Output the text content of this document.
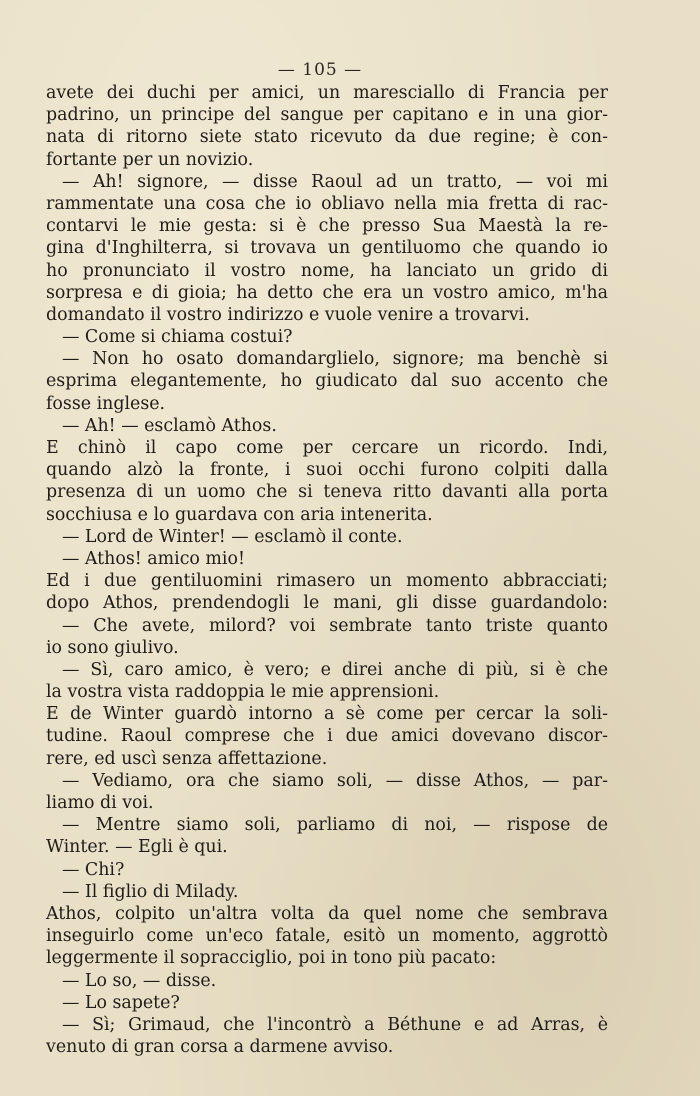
— 105 —
avete dei duchi per amici, un maresciallo di Francia per
padrino, un principe del sangue per capitano e in una gior-
nata di ritorno siete stato ricevuto da due regine; è con-
fortante per un novizio.
— Ah! signore, — disse Raoul ad un tratto, — voi mi
rammentate una cosa che io obliavo nella mia fretta di rac-
contarvi le mie gesta: si è che presso Sua Maestà la re-
gina d'Inghilterra, si trovava un gentiluomo che quando io
ho pronunciato il vostro nome, ha lanciato un grido di
sorpresa e di gioia; ha detto che era un vostro amico, m'ha
domandato il vostro indirizzo e vuole venire a trovarvi.
— Come si chiama costui?
— Non ho osato domandarglielo, signore; ma benchè si
esprima elegantemente, ho giudicato dal suo accento che
fosse inglese.
— Ah! — esclamò Athos.
E chinò il capo come per cercare un ricordo. Indi,
quando alzò la fronte, i suoi occhi furono colpiti dalla
presenza di un uomo che si teneva ritto davanti alla porta
socchiusa e lo guardava con aria intenerita.
— Lord de Winter! — esclamò il conte.
— Athos! amico mio!
Ed i due gentiluomini rimasero un momento abbracciati;
dopo Athos, prendendogli le mani, gli disse guardandolo:
— Che avete, milord? voi sembrate tanto triste quanto
io sono giulivo.
— Sì, caro amico, è vero; e direi anche di più, si è che
la vostra vista raddoppia le mie apprensioni.
E de Winter guardò intorno a sè come per cercar la soli-
tudine. Raoul comprese che i due amici dovevano discor-
rere, ed uscì senza affettazione.
— Vediamo, ora che siamo soli, — disse Athos, — par-
liamo di voi.
— Mentre siamo soli, parliamo di noi, — rispose de
Winter. — Egli è qui.
— Chi?
— Il figlio di Milady.
Athos, colpito un'altra volta da quel nome che sembrava
inseguirlo come un'eco fatale, esitò un momento, aggrottò
leggermente il sopracciglio, poi in tono più pacato:
— Lo so, — disse.
— Lo sapete?
— Sì; Grimaud, che l'incontrò a Béthune e ad Arras, è
venuto di gran corsa a darmene avviso.
